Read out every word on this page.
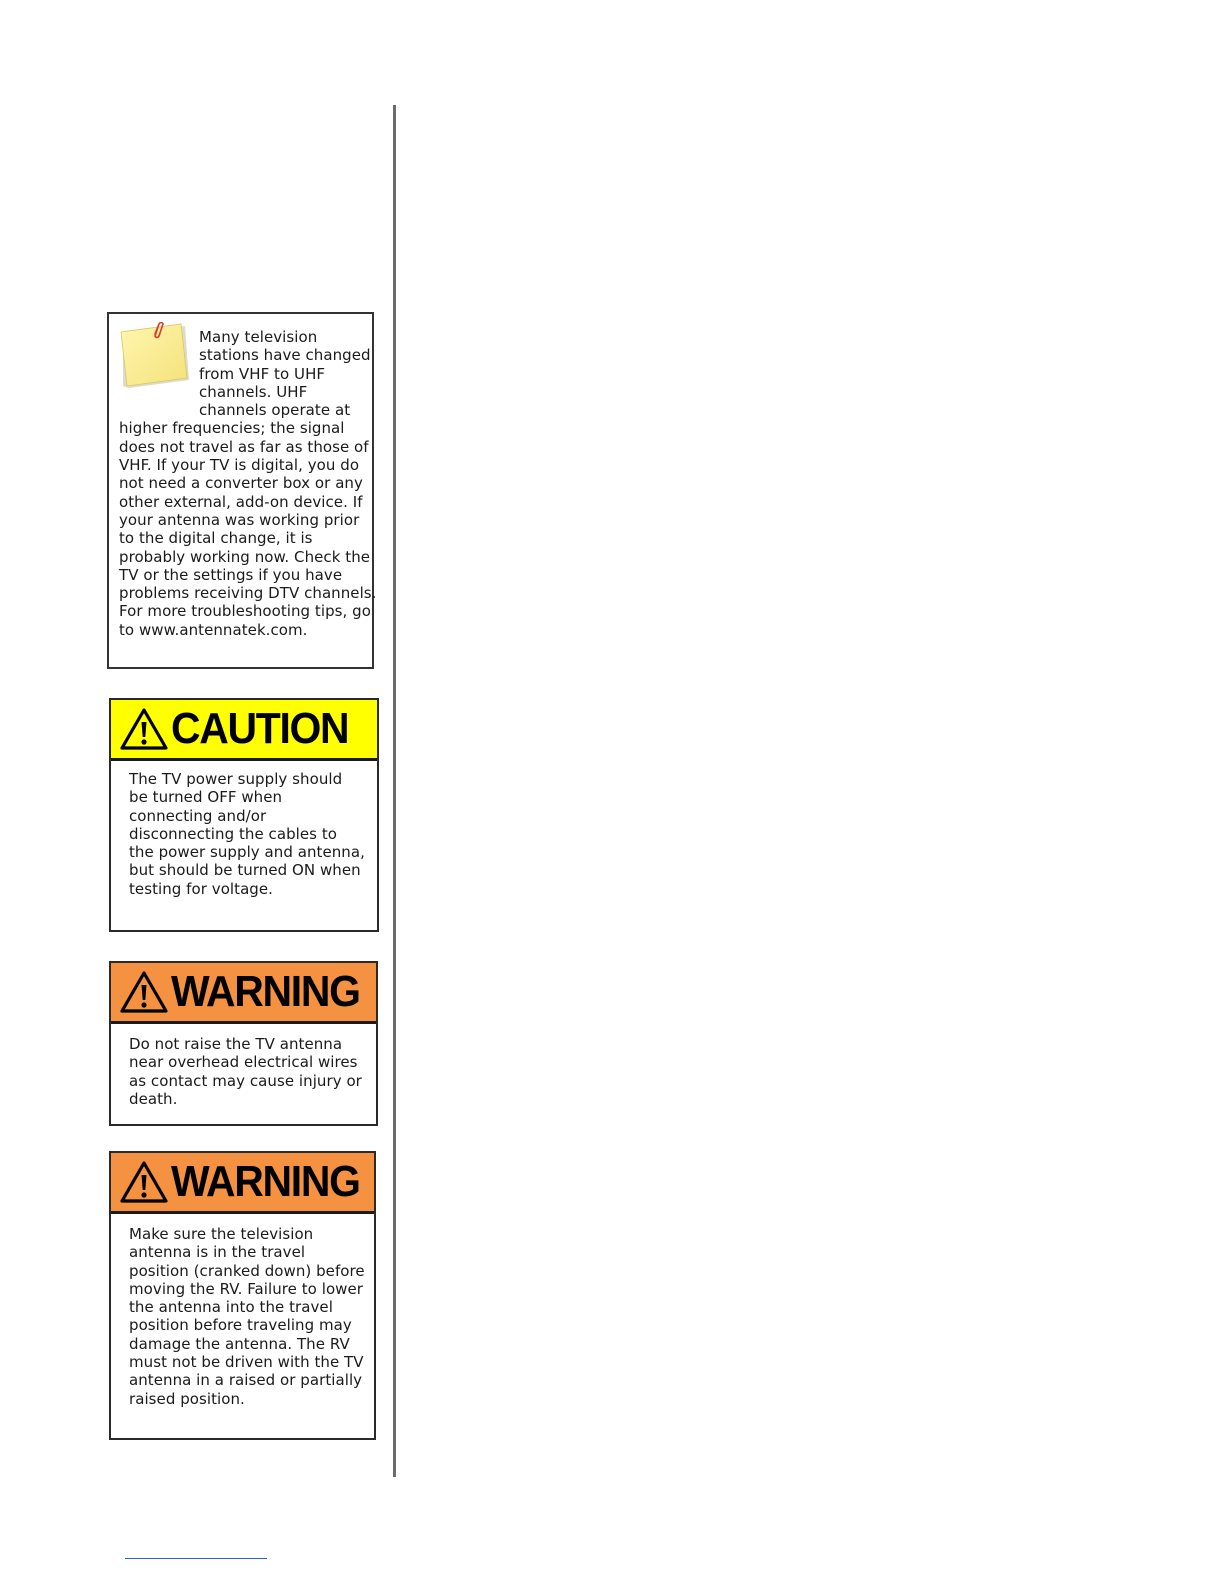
Many television stations have changed from VHF to UHF channels. UHF channels operate at higher frequencies; the signal does not travel as far as those of VHF. If your TV is digital, you do not need a converter box or any other external, add-on device. If your antenna was working prior to the digital change, it is probably working now. Check the TV or the settings if you have problems receiving DTV channels. For more troubleshooting tips, go to www.antennatek.com.

CAUTION

The TV power supply should be turned OFF when connecting and/or disconnecting the cables to the power supply and antenna, but should be turned ON when testing for voltage.

WARNING

Do not raise the TV antenna near overhead electrical wires as contact may cause injury or death.

WARNING

Make sure the television antenna is in the travel position (cranked down) before moving the RV. Failure to lower the antenna into the travel position before traveling may damage the antenna. The RV must not be driven with the TV antenna in a raised or partially raised position.
